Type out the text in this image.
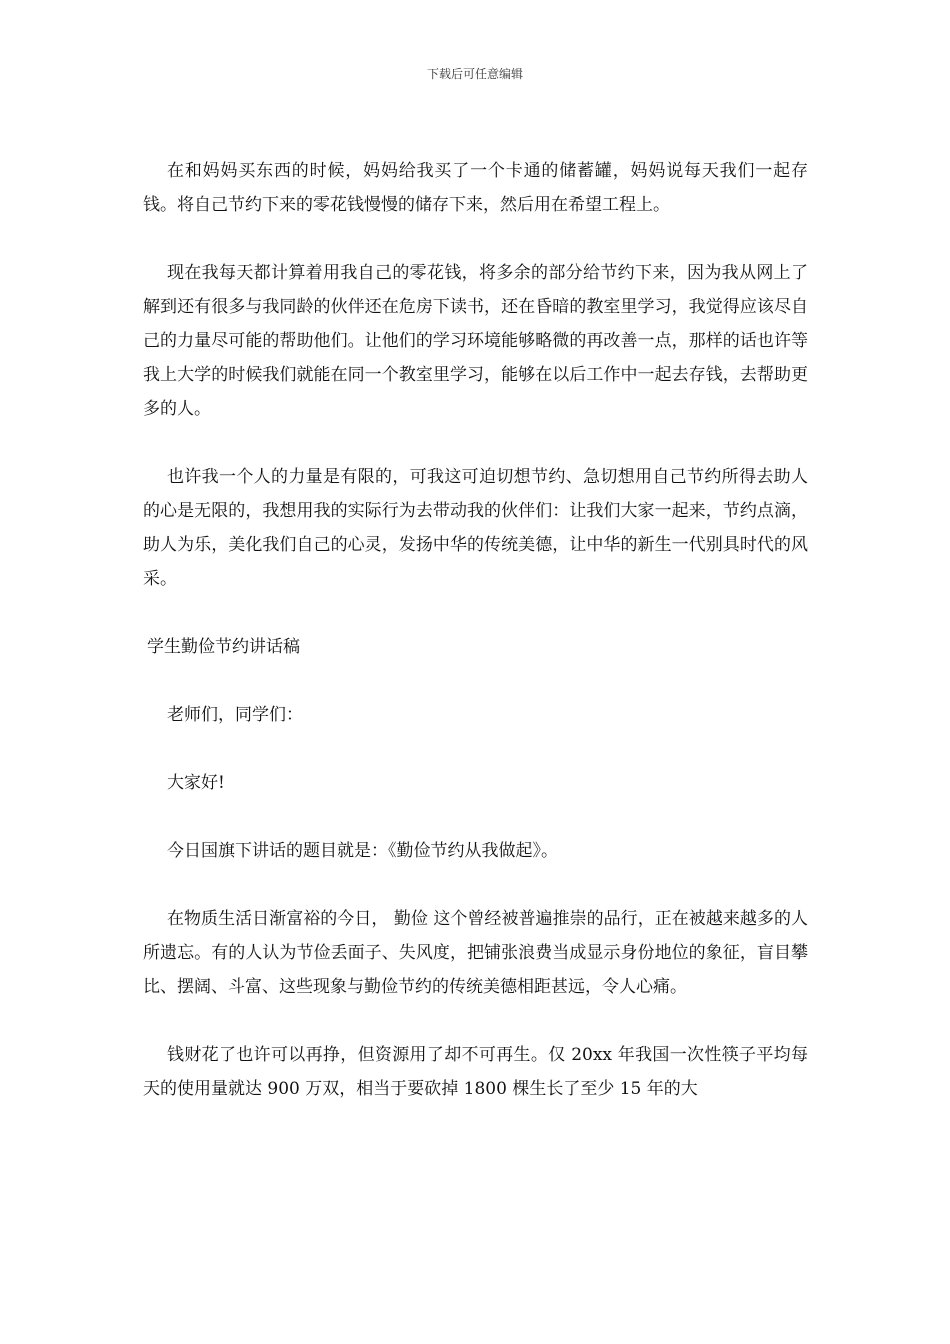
下载后可任意编辑

在和妈妈买东西的时候，妈妈给我买了一个卡通的储蓄罐，妈妈说每天我们一起存钱。将自己节约下来的零花钱慢慢的储存下来，然后用在希望工程上。

现在我每天都计算着用我自己的零花钱，将多余的部分给节约下来，因为我从网上了解到还有很多与我同龄的伙伴还在危房下读书，还在昏暗的教室里学习，我觉得应该尽自己的力量尽可能的帮助他们。让他们的学习环境能够略微的再改善一点，那样的话也许等我上大学的时候我们就能在同一个教室里学习，能够在以后工作中一起去存钱，去帮助更多的人。

也许我一个人的力量是有限的，可我这可迫切想节约、急切想用自己节约所得去助人的心是无限的，我想用我的实际行为去带动我的伙伴们：让我们大家一起来，节约点滴，助人为乐，美化我们自己的心灵，发扬中华的传统美德，让中华的新生一代别具时代的风采。

学生勤俭节约讲话稿

老师们，同学们：

大家好!

今日国旗下讲话的题目就是：《勤俭节约从我做起》。

在物质生活日渐富裕的今日， 勤俭 这个曾经被普遍推崇的品行，正在被越来越多的人所遗忘。有的人认为节俭丢面子、失风度，把铺张浪费当成显示身份地位的象征，盲目攀比、摆阔、斗富、这些现象与勤俭节约的传统美德相距甚远，令人心痛。

钱财花了也许可以再挣，但资源用了却不可再生。仅 20xx 年我国一次性筷子平均每天的使用量就达 900 万双，相当于要砍掉 1800 棵生长了至少 15 年的大
